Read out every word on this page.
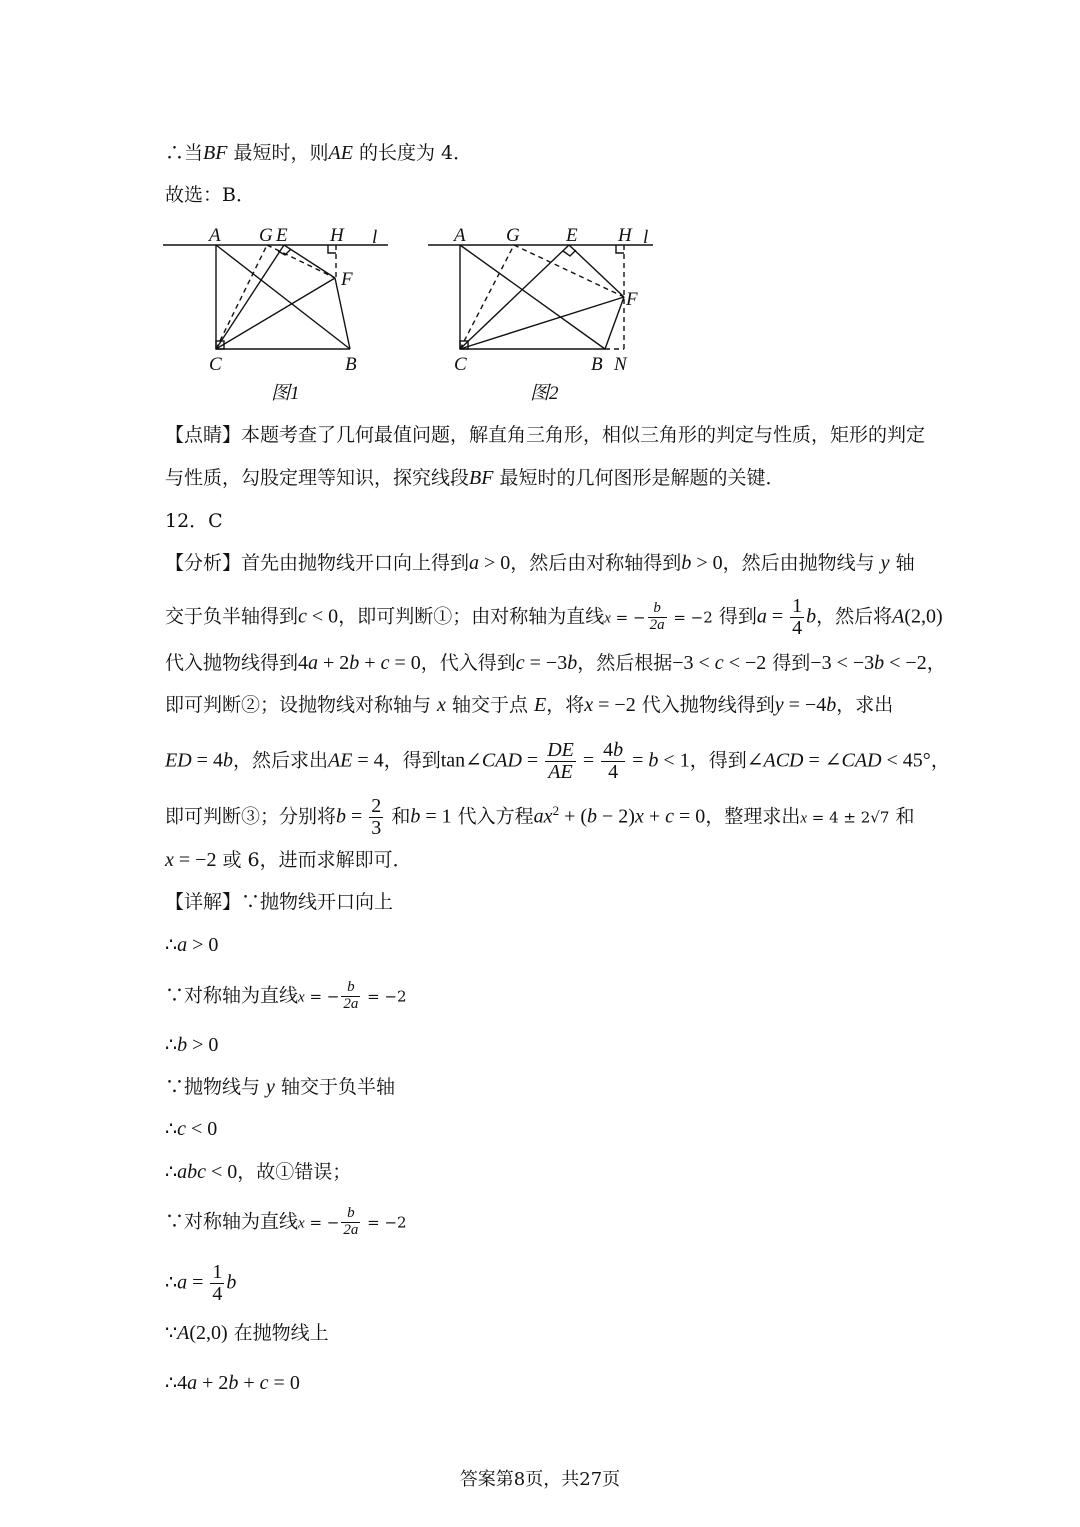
∴当BF 最短时，则AE 的长度为 4．
故选：B．
A G E H l
F
C	B
图1
A G E H l
F
C	B N
图2
【点睛】本题考查了几何最值问题，解直角三角形，相似三角形的判定与性质，矩形的判定
与性质，勾股定理等知识，探究线段BF 最短时的几何图形是解题的关键．
12．C
【分析】首先由抛物线开口向上得到a > 0，然后由对称轴得到b > 0，然后由抛物线与 y 轴
交于负半轴得到c < 0，即可判断①；由对称轴为直线x = − $\frac{b}{2a} = -2$ 得到$a = \frac{1}{4}$ b，然后将A(2,0)
代入抛物线得到4a + 2b + c = 0，代入得到c = −3b，然后根据−3 < c < −2 得到−3 < −3b < −2，
即可判断②；设抛物线对称轴与 x 轴交于点 E，将x = −2 代入抛物线得到y = −4b，求出
ED = 4b，然后求出AE = 4，得到tan∠CAD = $\frac{DE}{AE} = \frac{4b}{4} = b < 1$，得到∠ACD = ∠CAD < 45°，
即可判断③；分别将$b = \frac{2}{3}$ 和b = 1 代入方程$ax^2 + (b - 2)x + c = 0$，整理求出x = 4 ± 2√7 和
x = −2 或 6，进而求解即可．
【详解】∵抛物线开口向上
∴a > 0
∵对称轴为直线x = − $\frac{b}{2a} = -2$
∴b > 0
∵抛物线与 y 轴交于负半轴
∴c < 0
∴abc < 0，故①错误；
∵对称轴为直线x = − $\frac{b}{2a} = -2$
∴a = $\frac{1}{4}$ b
∵A(2,0) 在抛物线上
∴4a + 2b + c = 0
答案第8页，共27页
